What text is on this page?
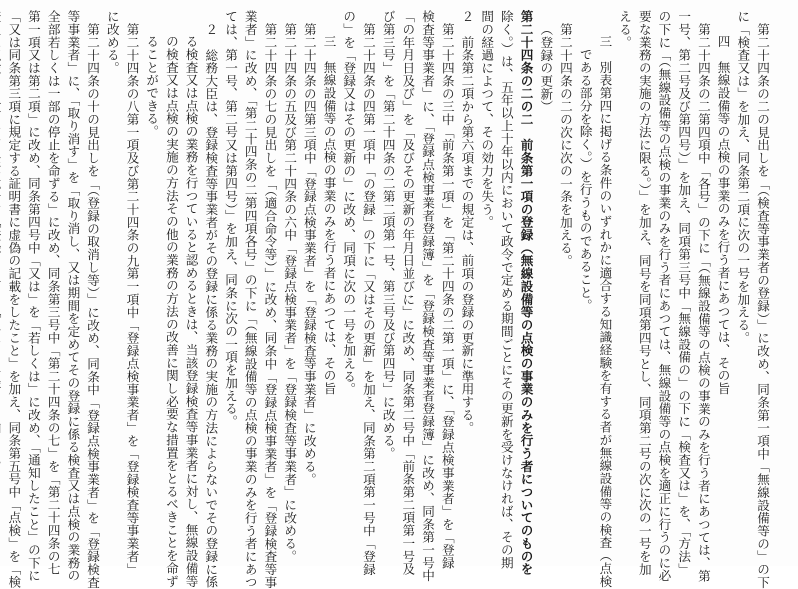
第二十四条の二の見出しを「（検査等事業者の登録）」に改め、同条第一項中「無線設備等の」の下
に「検査又は」を加え、同条第二項に次の一号を加える。
四　無線設備等の点検の事業のみを行う者にあつては、その旨
第二十四条の二第四項中「各号」の下に「（無線設備等の点検の事業のみを行う者にあつては、第
一号、第二号及び第四号）」を加え、同項第三号中「無線設備の」の下に「検査又は」を、「方法」
の下に「（無線設備等の点検の事業のみを行う者にあつては、無線設備等の点検を適正に行うのに必
要な業務の実施の方法に限る。）」を加え、同号を同項第四号とし、同項第二号の次に次の一号を加
える。
三　別表第四に掲げる条件のいずれかに適合する知識経験を有する者が無線設備等の検査（点検
である部分を除く。）を行うものであること。
第二十四条の二の次に次の一条を加える。
（登録の更新）
第二十四条の二の二　前条第一項の登録（無線設備等の点検の事業のみを行う者についてのものを
除く。）は、五年以上十年以内において政令で定める期間ごとにその更新を受けなければ、その期
間の経過によつて、その効力を失う。
２　前条第二項から第六項までの規定は、前項の登録の更新に準用する。
第二十四条の三中「前条第一項」を「第二十四条の二第一項」に、「登録点検事業者」を「登録
検査等事業者」に、「登録点検事業者登録簿」を「登録検査等事業者登録簿」に改め、同条第一号中
「の年月日及び」を「及びその更新の年月日並びに」に改め、同条第二号中「前条第二項第一号及
び第三号」を「第二十四条の二第二項第一号、第三号及び第四号」に改める。
第二十四条の四第一項中「の登録」の下に「又はその更新」を加え、同条第二項第一号中「登録
の」を「登録又はその更新の」に改め、同項に次の一号を加える。
三　無線設備等の点検の事業のみを行う者にあつては、その旨
第二十四条の四第三項中「登録点検事業者」を「登録検査等事業者」に改める。
第二十四条の五及び第二十四条の六中「登録点検事業者」を「登録検査等事業者」に改める。
第二十四条の七の見出しを「（適合命令等）」に改め、同条中「登録点検事業者」を「登録検査等事
業者」に改め、「第二十四条の二第四項各号」の下に「（無線設備等の点検の事業のみを行う者にあつ
ては、第一号、第二号又は第四号）」を加え、同条に次の一項を加える。
２　総務大臣は、登録検査等事業者がその登録に係る業務の実施の方法によらないでその登録に係
る検査又は点検の業務を行つていると認めるときは、当該登録検査等事業者に対し、無線設備等
の検査又は点検の実施の方法その他の業務の方法の改善に関し必要な措置をとるべきことを命ず
ることができる。
第二十四条の八第一項及び第二十四条の九第一項中「登録点検事業者」を「登録検査等事業者」
に改める。
第二十四条の十の見出しを「（登録の取消し等）」に改め、同条中「登録点検事業者」を「登録検査
等事業者」に、「取り消す」を「取り消し、又は期間を定めてその登録に係る検査又は点検の業務の
全部若しくは一部の停止を命ずる」に改め、同条第三号中「第二十四条の七」を「第二十四条の七
第一項又は第二項」に改め、同条第四号中「又は」を「若しくは」に改め、「通知したこと」の下に
「又は同条第三項に規定する証明書に虚偽の記載をしたこと」を加え、同条第五号中「点検」を「検
